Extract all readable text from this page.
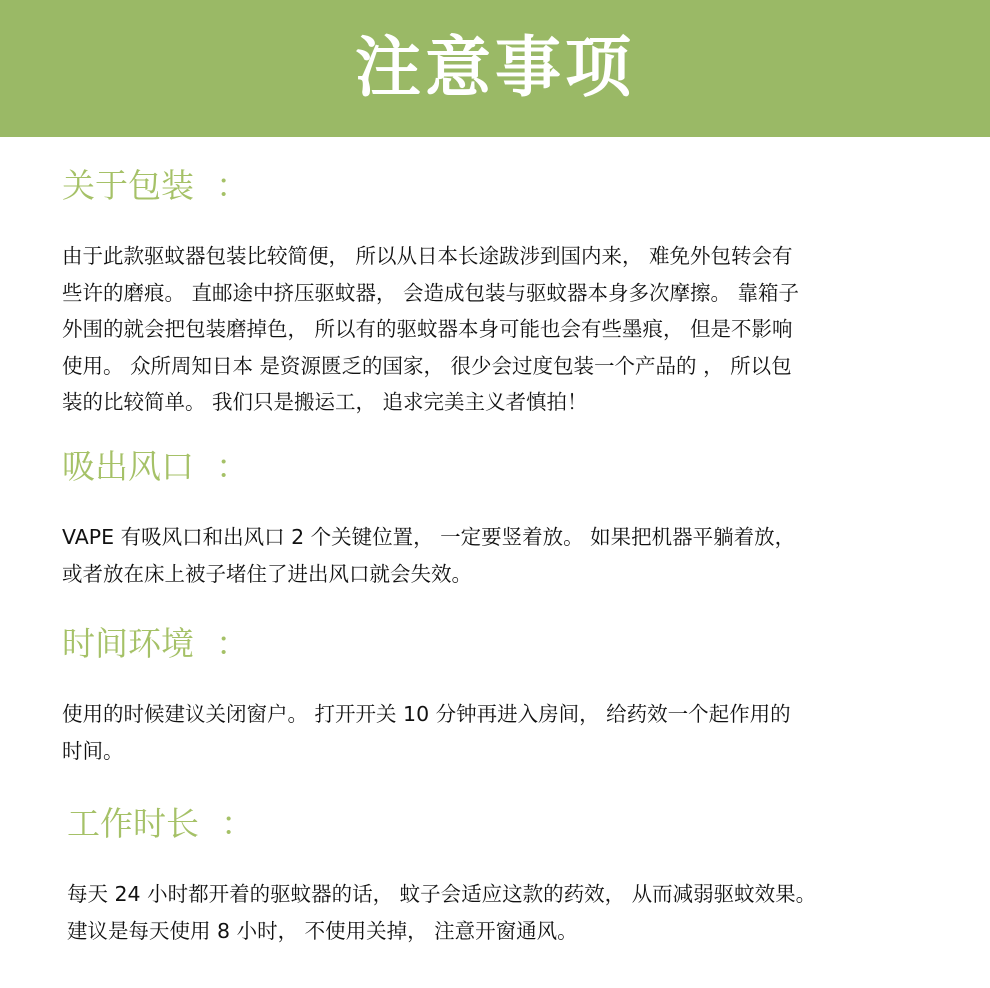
注意事项
关于包装 ：
由于此款驱蚊器包装比较简便， 所以从日本长途跋涉到国内来， 难免外包转会有
些许的磨痕。 直邮途中挤压驱蚊器， 会造成包装与驱蚊器本身多次摩擦。 靠箱子
外围的就会把包装磨掉色， 所以有的驱蚊器本身可能也会有些墨痕， 但是不影响
使用。 众所周知日本 是资源匮乏的国家， 很少会过度包装一个产品的 ， 所以包
装的比较简单。 我们只是搬运工， 追求完美主义者慎拍！
吸出风口 ：
VAPE 有吸风口和出风口 2 个关键位置， 一定要竖着放。 如果把机器平躺着放，
或者放在床上被子堵住了进出风口就会失效。
时间环境 ：
使用的时候建议关闭窗户。 打开开关 10 分钟再进入房间， 给药效一个起作用的
时间。
工作时长 ：
每天 24 小时都开着的驱蚊器的话， 蚊子会适应这款的药效， 从而减弱驱蚊效果。
建议是每天使用 8 小时， 不使用关掉， 注意开窗通风。
